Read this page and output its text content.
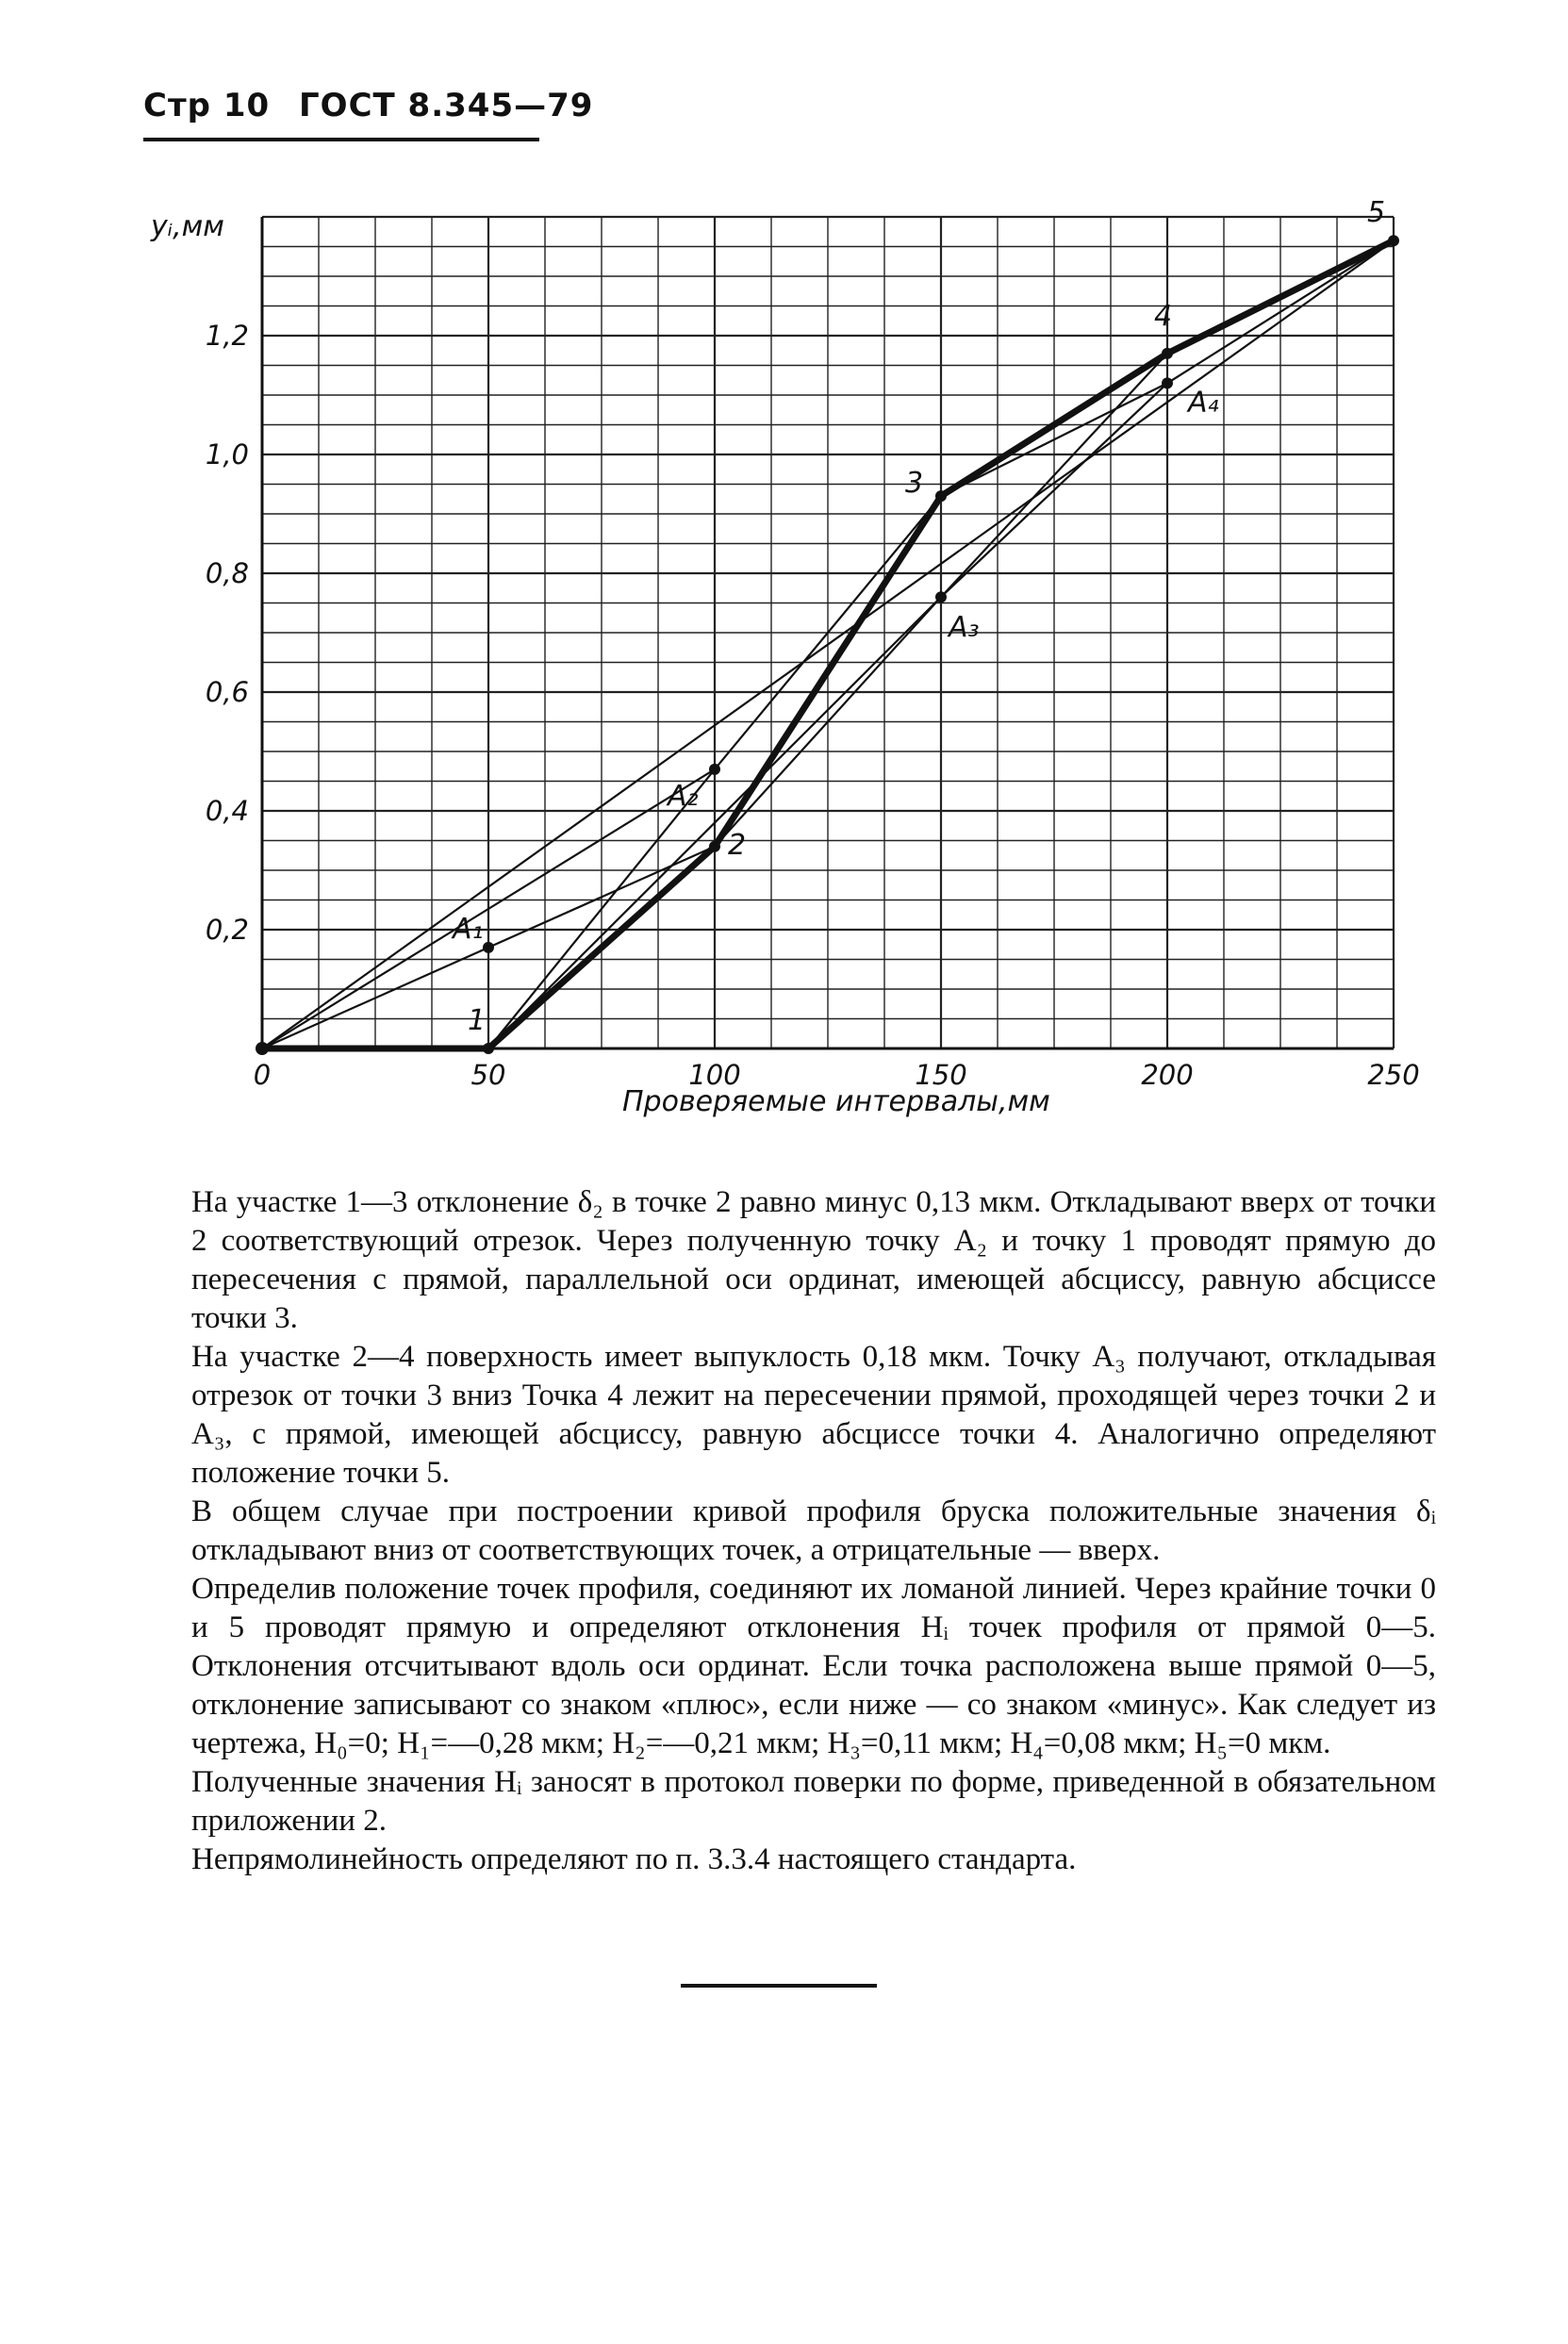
Стр 10 ГОСТ 8.345—79
1
2
3
4
5
A₁
A₂
A₃
A₄
0	50	100	150	200	250
0,2
0,4
0,6
0,8
1,0
1,2
yᵢ,мм
Проверяемые интервалы,мм

На участке 1—3 отклонение δ₂ в точке 2 равно минус 0,13 мкм. Откладывают вверх от точки 2 соответствующий отрезок. Через полученную точку A₂ и точку 1 проводят прямую до пересечения с прямой, параллельной оси ординат, имеющей абсциссу, равную абсциссе точки 3.

На участке 2—4 поверхность имеет выпуклость 0,18 мкм. Точку A₃ получают, откладывая отрезок от точки 3 вниз Точка 4 лежит на пересечении прямой, проходящей через точки 2 и A₃, с прямой, имеющей абсциссу, равную абсциссе точки 4. Аналогично определяют положение точки 5.

В общем случае при построении кривой профиля бруска положительные значения δᵢ откладывают вниз от соответствующих точек, а отрицательные — вверх.

Определив положение точек профиля, соединяют их ломаной линией. Через крайние точки 0 и 5 проводят прямую и определяют отклонения Hᵢ точек профиля от прямой 0—5. Отклонения отсчитывают вдоль оси ординат. Если точка расположена выше прямой 0—5, отклонение записывают со знаком «плюс», если ниже — со знаком «минус». Как следует из чертежа, H₀=0; H₁=—0,28 мкм; H₂=—0,21 мкм; H₃=0,11 мкм; H₄=0,08 мкм; H₅=0 мкм.

Полученные значения Hᵢ заносят в протокол поверки по форме, приведенной в обязательном приложении 2.

Непрямолинейность определяют по п. 3.3.4 настоящего стандарта.
